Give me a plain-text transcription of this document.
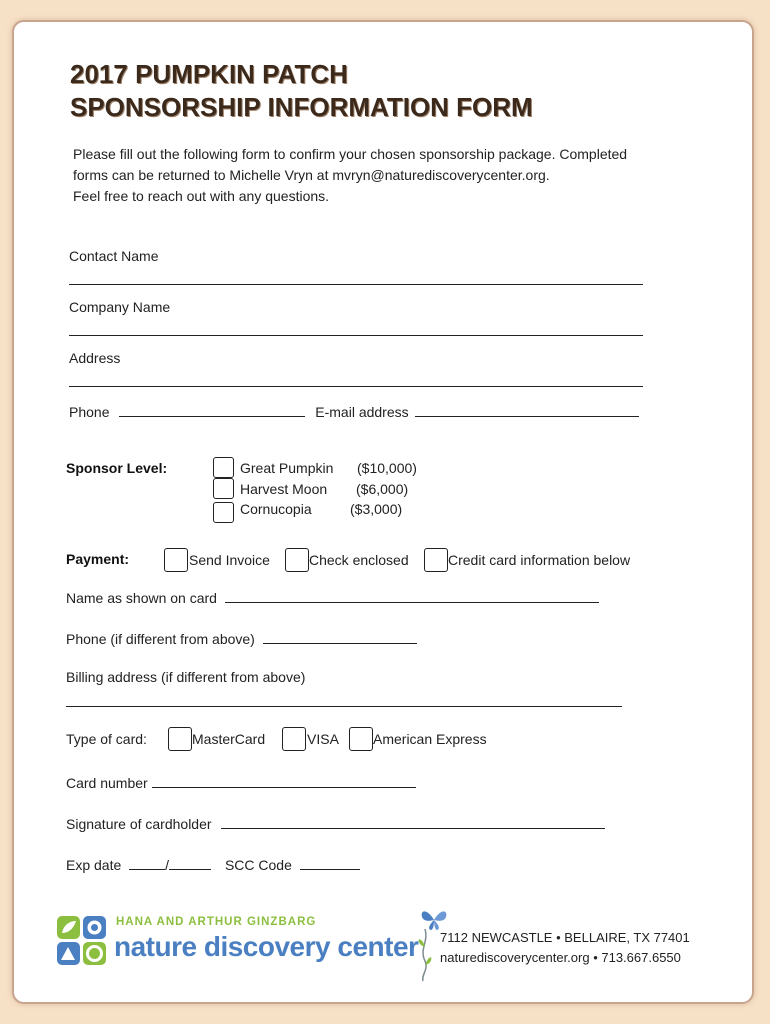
2017 PUMPKIN PATCH
SPONSORSHIP INFORMATION FORM
Please fill out the following form to confirm your chosen sponsorship package. Completed
forms can be returned to Michelle Vryn at mvryn@naturediscoverycenter.org.
Feel free to reach out with any questions.
Contact Name
Company Name
Address
Phone	E-mail address
Sponsor Level:	Great Pumpkin ($10,000)
Harvest Moon ($6,000)
Cornucopia	($3,000)
Payment:	Send Invoice	Check enclosed	Credit card information below
Name as shown on card
Phone (if different from above)
Billing address (if different from above)
Type of card:	MasterCard	VISA American Express
Card number
Signature of cardholder
Exp date	/	SCC Code
HANA AND ARTHUR GINZBARG
nature discovery center 7112 NEWCASTLE • BELLAIRE, TX 77401
naturediscoverycenter.org • 713.667.6550
